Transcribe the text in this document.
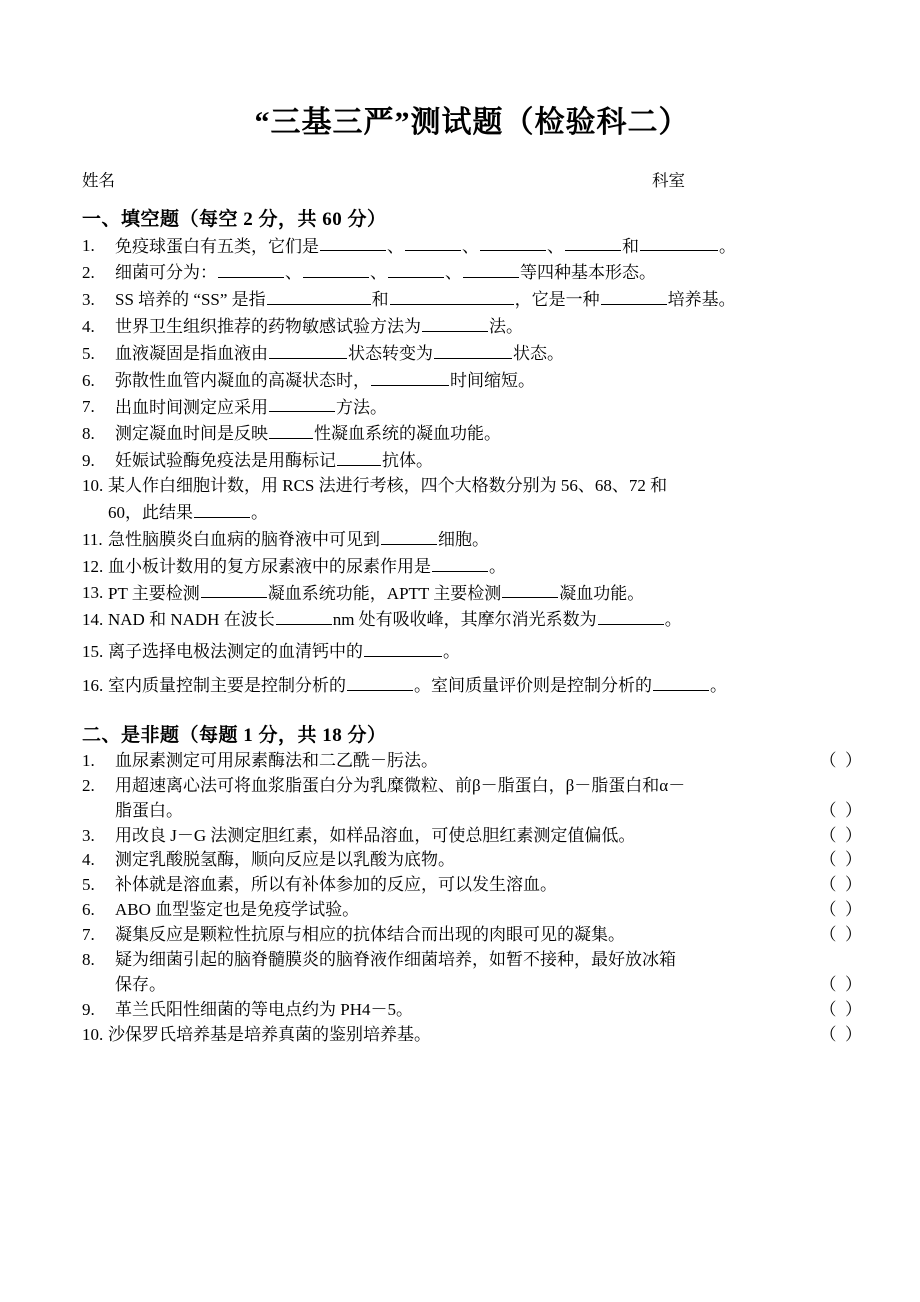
“三基三严”测试题（检验科二）
姓名	科室
一、填空题（每空 2 分，共 60 分）
1.	免疫球蛋白有五类，它们是	、	、	、	和	。
2.	细菌可分为：	、	、	、	等四种基本形态。
3.	SS 培养的 “SS” 是指	和	，它是一种	培养基。
4.	世界卫生组织推荐的药物敏感试验方法为	法。
5.	血液凝固是指血液由	状态转变为	状态。
6.	弥散性血管内凝血的高凝状态时，	时间缩短。
7.	出血时间测定应采用	方法。
8.	测定凝血时间是反映	性凝血系统的凝血功能。
9.	妊娠试验酶免疫法是用酶标记	抗体。
10. 某人作白细胞计数，用 RCS 法进行考核，四个大格数分别为 56、68、72 和
60，此结果	。
11. 急性脑膜炎白血病的脑脊液中可见到	细胞。
12. 血小板计数用的复方尿素液中的尿素作用是	。
13. PT 主要检测	凝血系统功能，APTT 主要检测	凝血功能。
14. NAD 和 NADH 在波长	nm 处有吸收峰，其摩尔消光系数为	。
15. 离子选择电极法测定的血清钙中的	。
16. 室内质量控制主要是控制分析的	。室间质量评价则是控制分析的	。
二、是非题（每题 1 分，共 18 分）
1.	血尿素测定可用尿素酶法和二乙酰－肟法。	（  ）
2.	用超速离心法可将血浆脂蛋白分为乳糜微粒、前β－脂蛋白，β－脂蛋白和α－
脂蛋白。	（  ）
3.	用改良 J－G 法测定胆红素，如样品溶血，可使总胆红素测定值偏低。	（  ）
4.	测定乳酸脱氢酶，顺向反应是以乳酸为底物。	（  ）
5.	补体就是溶血素，所以有补体参加的反应，可以发生溶血。	（  ）
6.	ABO 血型鉴定也是免疫学试验。	（  ）
7.	凝集反应是颗粒性抗原与相应的抗体结合而出现的肉眼可见的凝集。	（  ）
8.	疑为细菌引起的脑脊髓膜炎的脑脊液作细菌培养，如暂不接种，最好放冰箱
保存。	（  ）
9.	革兰氏阳性细菌的等电点约为 PH4－5。	（  ）
10. 沙保罗氏培养基是培养真菌的鉴别培养基。	（  ）
